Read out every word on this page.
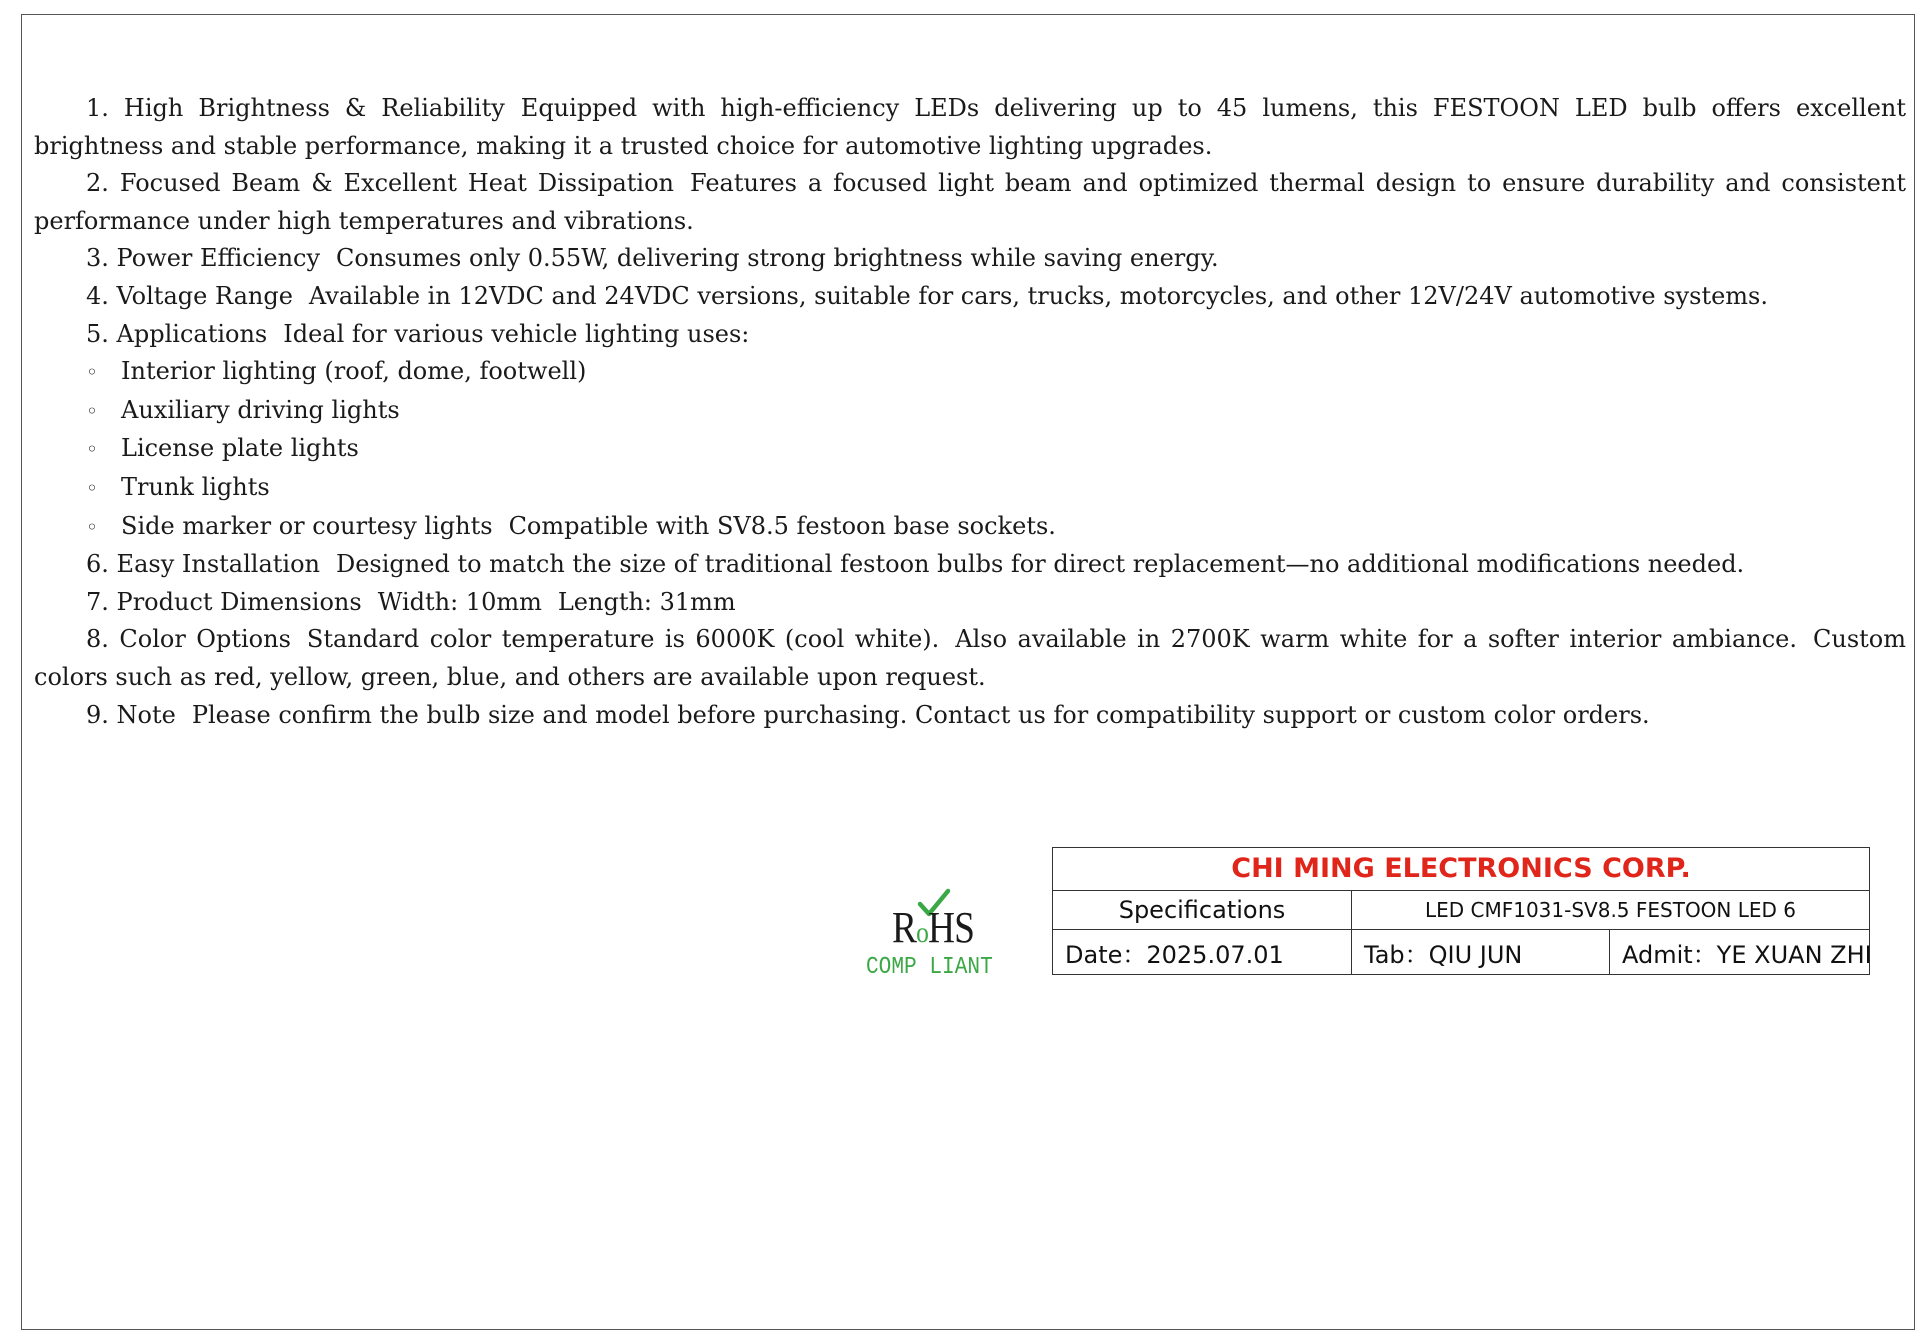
1. High Brightness & Reliability Equipped with high-efficiency LEDs delivering up to 45 lumens, this FESTOON LED bulb offers excellent brightness and stable performance, making it a trusted choice for automotive lighting upgrades.

2. Focused Beam & Excellent Heat Dissipation Features a focused light beam and optimized thermal design to ensure durability and consistent performance under high temperatures and vibrations.

3. Power Efficiency Consumes only 0.55W, delivering strong brightness while saving energy.

4. Voltage Range Available in 12VDC and 24VDC versions, suitable for cars, trucks, motorcycles, and other 12V/24V automotive systems.

5. Applications Ideal for various vehicle lighting uses:

◦ Interior lighting (roof, dome, footwell)

◦ Auxiliary driving lights

◦ License plate lights

◦ Trunk lights

◦ Side marker or courtesy lights Compatible with SV8.5 festoon base sockets.

6. Easy Installation Designed to match the size of traditional festoon bulbs for direct replacement—no additional modifications needed.

7. Product Dimensions Width: 10mm Length: 31mm

8. Color Options Standard color temperature is 6000K (cool white). Also available in 2700K warm white for a softer interior ambiance. Custom colors such as red, yellow, green, blue, and others are available upon request.

9. Note Please confirm the bulb size and model before purchasing. Contact us for compatibility support or custom color orders.

RoHS
COMP LIANT
CHI MING ELECTRONICS CORP.
Specifications	LED CMF1031-SV8.5 FESTOON LED 6
Date：2025.07.01	Tab：QIU JUN	Admit：YE XUAN ZHI
